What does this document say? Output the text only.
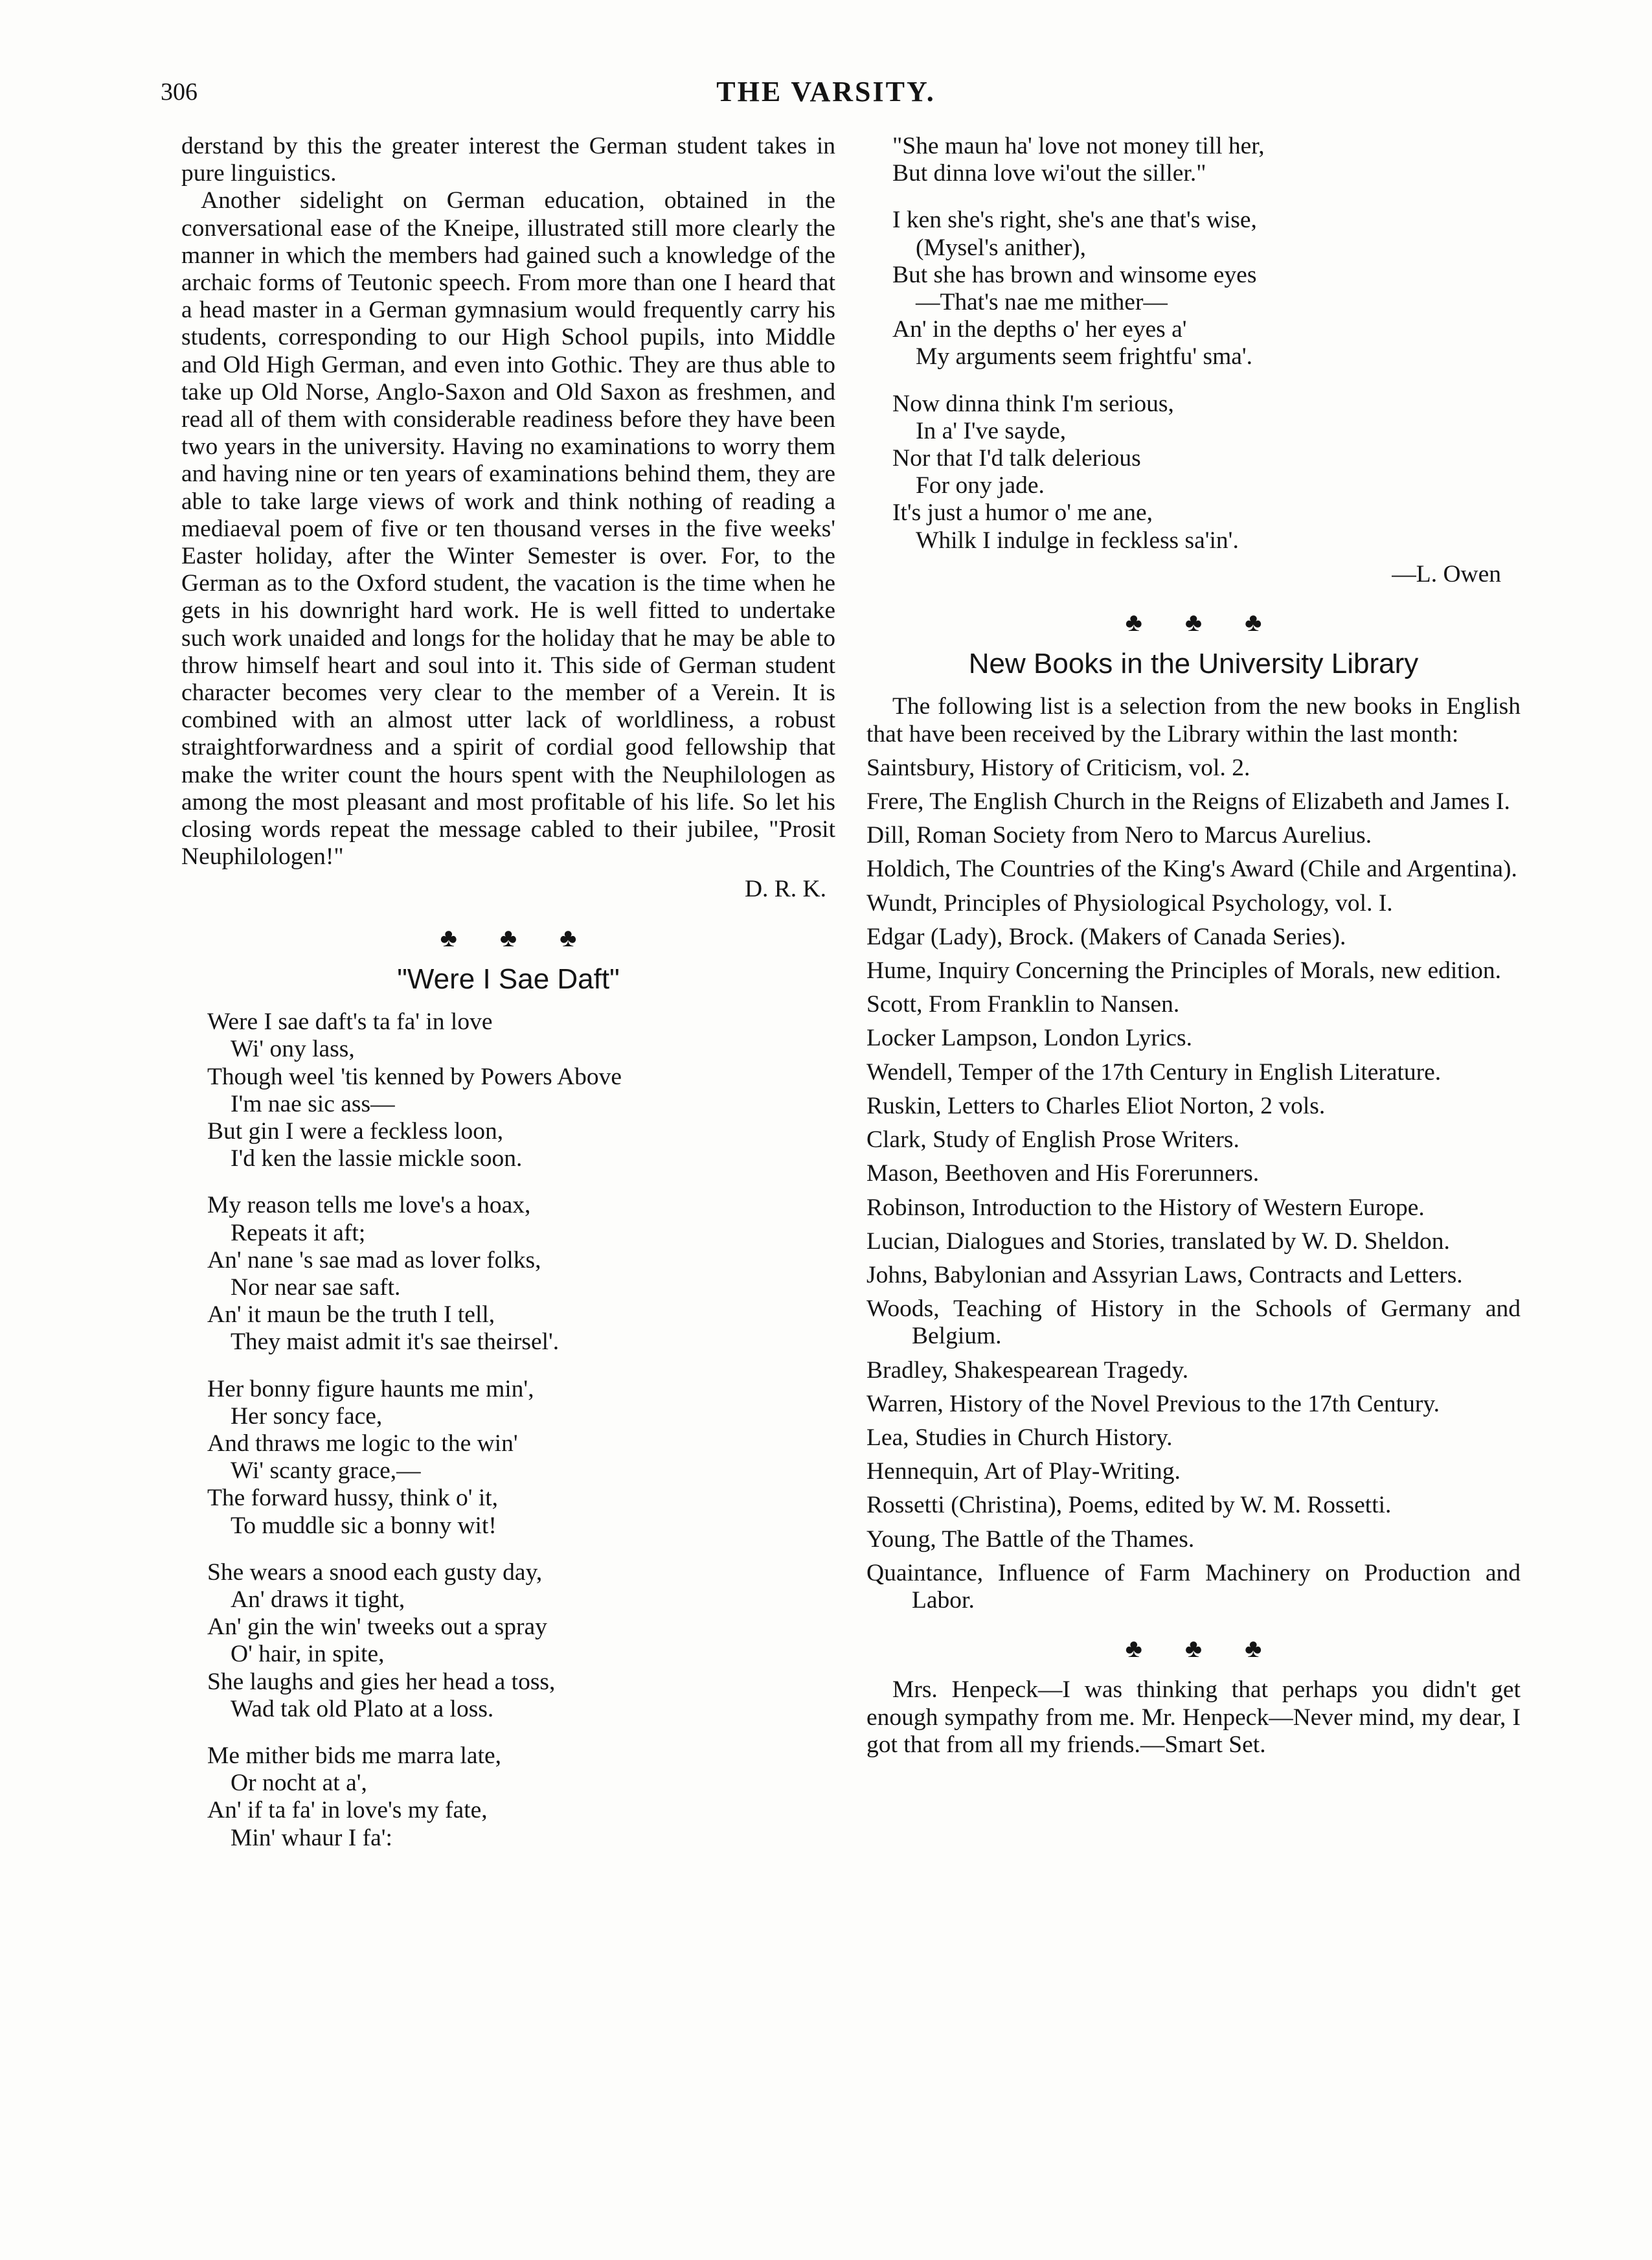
306	THE VARSITY.

derstand by this the greater interest the German student takes in pure linguistics.

Another sidelight on German education, obtained in the conversational ease of the Kneipe, illustrated still more clearly the manner in which the members had gained such a knowledge of the archaic forms of Teutonic speech. From more than one I heard that a head master in a German gymnasium would frequently carry his students, corresponding to our High School pupils, into Middle and Old High German, and even into Gothic. They are thus able to take up Old Norse, Anglo-Saxon and Old Saxon as freshmen, and read all of them with considerable readiness before they have been two years in the university. Having no examinations to worry them and having nine or ten years of examinations behind them, they are able to take large views of work and think nothing of reading a mediaeval poem of five or ten thousand verses in the five weeks' Easter holiday, after the Winter Semester is over. For, to the German as to the Oxford student, the vacation is the time when he gets in his downright hard work. He is well fitted to undertake such work unaided and longs for the holiday that he may be able to throw himself heart and soul into it. This side of German student character becomes very clear to the member of a Verein. It is combined with an almost utter lack of worldliness, a robust straightforwardness and a spirit of cordial good fellowship that make the writer count the hours spent with the Neuphilologen as among the most pleasant and most profitable of his life. So let his closing words repeat the message cabled to their jubilee, "Prosit Neuphilologen!"

D. R. K.
♣ ♣ ♣
"Were I Sae Daft"
Were I sae daft's ta fa' in love
Wi' ony lass,
Though weel 'tis kenned by Powers Above
I'm nae sic ass—
But gin I were a feckless loon,
I'd ken the lassie mickle soon.
My reason tells me love's a hoax,
Repeats it aft;
An' nane 's sae mad as lover folks,
Nor near sae saft.
An' it maun be the truth I tell,
They maist admit it's sae theirsel'.
Her bonny figure haunts me min',
Her soncy face,
And thraws me logic to the win'
Wi' scanty grace,—
The forward hussy, think o' it,
To muddle sic a bonny wit!
She wears a snood each gusty day,
An' draws it tight,
An' gin the win' tweeks out a spray
O' hair, in spite,
She laughs and gies her head a toss,
Wad tak old Plato at a loss.
Me mither bids me marra late,
Or nocht at a',
An' if ta fa' in love's my fate,
Min' whaur I fa':
"She maun ha' love not money till her,
But dinna love wi'out the siller."
I ken she's right, she's ane that's wise,
(Mysel's anither),
But she has brown and winsome eyes
—That's nae me mither—
An' in the depths o' her eyes a'
My arguments seem frightfu' sma'.
Now dinna think I'm serious,
In a' I've sayde,
Nor that I'd talk delerious
For ony jade.
It's just a humor o' me ane,
Whilk I indulge in feckless sa'in'.
—L. Owen
♣ ♣ ♣
New Books in the University Library

The following list is a selection from the new books in English that have been received by the Library within the last month:

Saintsbury, History of Criticism, vol. 2.
Frere, The English Church in the Reigns of Elizabeth and James I.
Dill, Roman Society from Nero to Marcus Aurelius.
Holdich, The Countries of the King's Award (Chile and Argentina).
Wundt, Principles of Physiological Psychology, vol. I.
Edgar (Lady), Brock. (Makers of Canada Series).
Hume, Inquiry Concerning the Principles of Morals, new edition.
Scott, From Franklin to Nansen.
Locker Lampson, London Lyrics.
Wendell, Temper of the 17th Century in English Literature.
Ruskin, Letters to Charles Eliot Norton, 2 vols.
Clark, Study of English Prose Writers.
Mason, Beethoven and His Forerunners.
Robinson, Introduction to the History of Western Europe.
Lucian, Dialogues and Stories, translated by W. D. Sheldon.
Johns, Babylonian and Assyrian Laws, Contracts and Letters.
Woods, Teaching of History in the Schools of Germany and Belgium.
Bradley, Shakespearean Tragedy.
Warren, History of the Novel Previous to the 17th Century.
Lea, Studies in Church History.
Hennequin, Art of Play-Writing.
Rossetti (Christina), Poems, edited by W. M. Rossetti.
Young, The Battle of the Thames.
Quaintance, Influence of Farm Machinery on Production and Labor.
♣ ♣ ♣

Mrs. Henpeck—I was thinking that perhaps you didn't get enough sympathy from me. Mr. Henpeck—Never mind, my dear, I got that from all my friends.—Smart Set.
